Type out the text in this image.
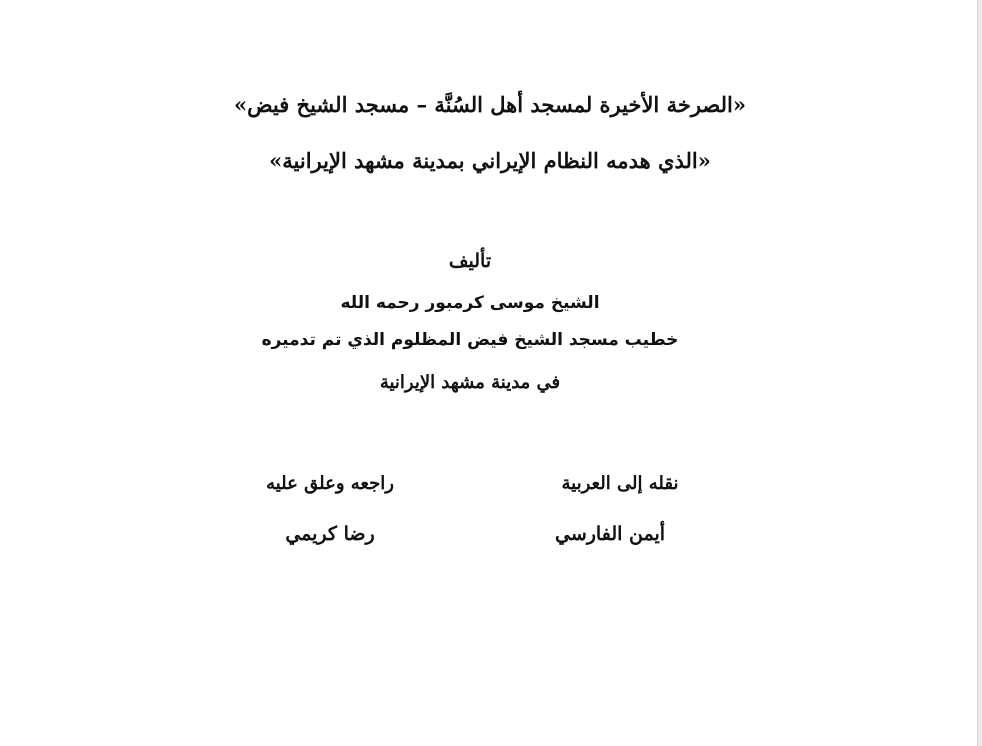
«الصرخة الأخيرة لمسجد أهل السُنَّة – مسجد الشيخ فيض»
«الذي هدمه النظام الإيراني بمدينة مشهد الإيرانية»
تأليف
الشيخ موسى كرمبور رحمه الله
خطيب مسجد الشيخ فيض المظلوم الذي تم تدميره
في مدينة مشهد الإيرانية
نقله إلى العربية
راجعه وعلق عليه
أيمن الفارسي
رضا كريمي
